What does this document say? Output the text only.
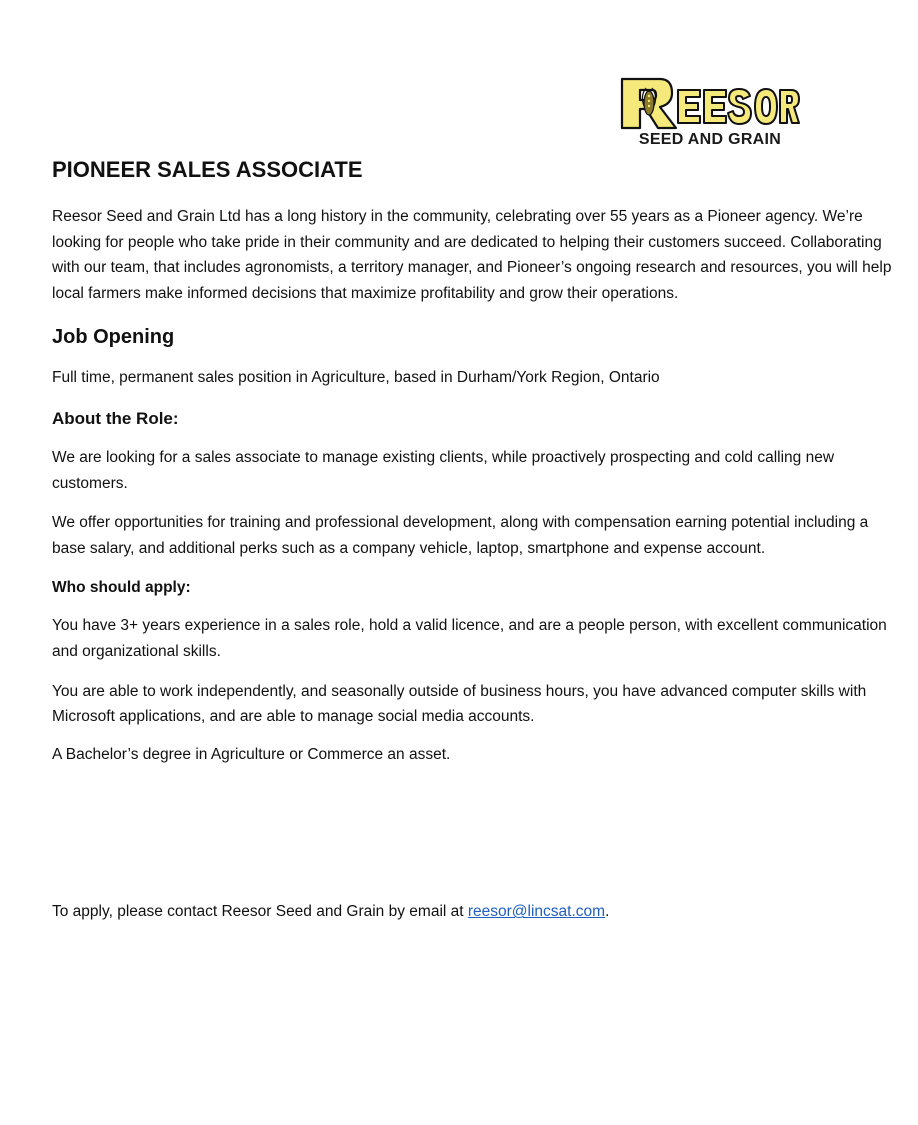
SEED AND GRAIN
PIONEER SALES ASSOCIATE

Reesor Seed and Grain Ltd has a long history in the community, celebrating over 55 years as a Pioneer agency. We’re looking for people who take pride in their community and are dedicated to helping their customers succeed. Collaborating with our team, that includes agronomists, a territory manager, and Pioneer’s ongoing research and resources, you will help local farmers make informed decisions that maximize profitability and grow their operations.

Job Opening

Full time, permanent sales position in Agriculture, based in Durham/York Region, Ontario

About the Role:

We are looking for a sales associate to manage existing clients, while proactively prospecting and cold calling new customers.

We offer opportunities for training and professional development, along with compensation earning potential including a base salary, and additional perks such as a company vehicle, laptop, smartphone and expense account.

Who should apply:

You have 3+ years experience in a sales role, hold a valid licence, and are a people person, with excellent communication and organizational skills.

You are able to work independently, and seasonally outside of business hours, you have advanced computer skills with Microsoft applications, and are able to manage social media accounts.

A Bachelor’s degree in Agriculture or Commerce an asset.

To apply, please contact Reesor Seed and Grain by email at reesor@lincsat.com.
